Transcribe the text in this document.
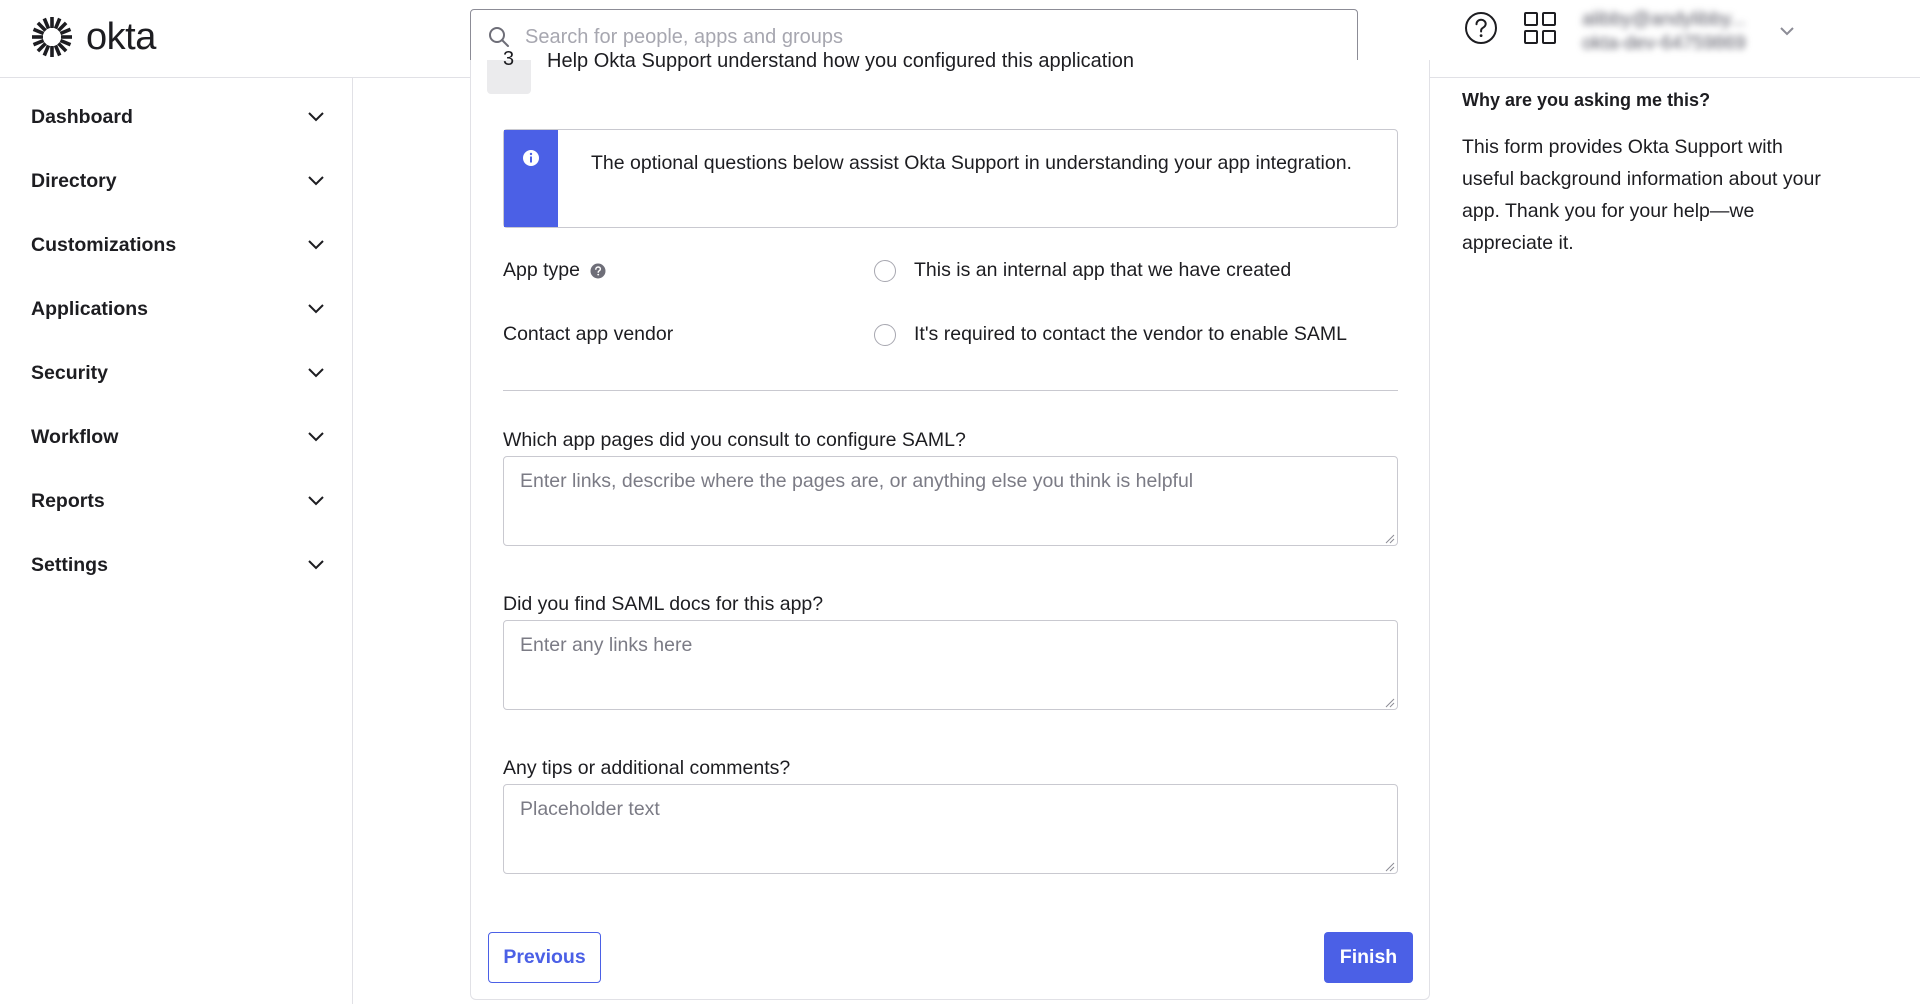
okta
Search for people, apps and groups	alibby@andylibby...
okta-dev-64759869
Dashboard
Directory
Customizations
Applications
Security
Workflow
Reports
Settings
3 Help Okta Support understand how you configured this application
The optional questions below assist Okta Support in understanding your app integration.
App type	This is an internal app that we have created
Contact app vendor	It's required to contact the vendor to enable SAML
Which app pages did you consult to configure SAML?
Enter links, describe where the pages are, or anything else you think is helpful
Did you find SAML docs for this app?
Enter any links here
Any tips or additional comments?
Placeholder text
Previous	Finish
Why are you asking me this?
This form provides Okta Support with useful background information about your app. Thank you for your help—we appreciate it.
